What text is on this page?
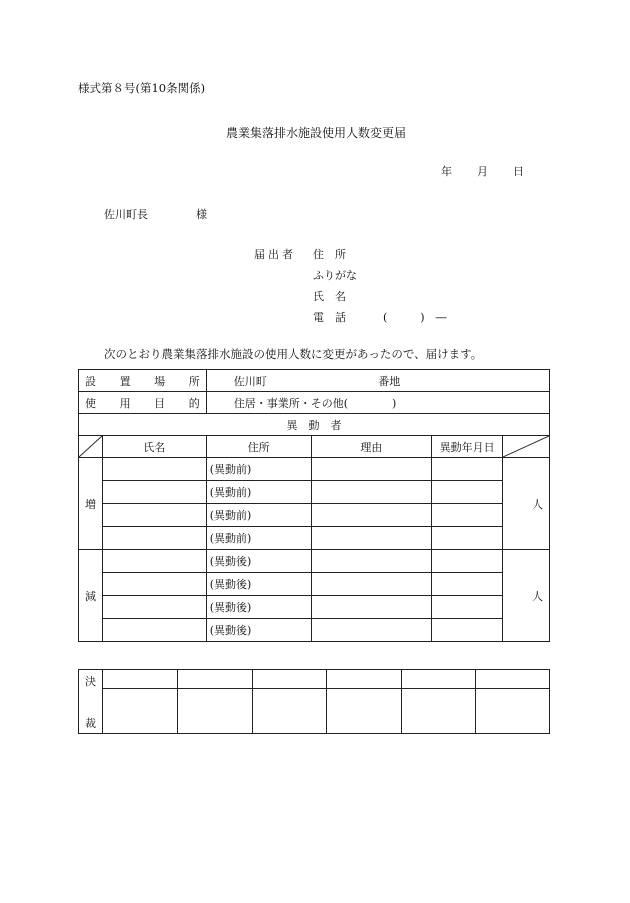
様式第８号(第10条関係)
農業集落排水施設使用人数変更届
年 月 日
佐川町長	様
届出者 住　所
ふりがな
氏　名
電　話	(　　　)　―
次のとおり農業集落排水施設の使用人数に変更があったので、届けます。
設 置 場 所		佐川町 番地			

使 用 目 的		住居・事業所・その他(　　　　)			
異　動　者					

	氏名	住所	理由	異動年月日	

増		(異動前)			人
		(異動前)			
		(異動前)			
		(異動前)			
減		(異動後)			人
		(異動後)			
		(異動後)			
		(異動後)			
決
裁						
